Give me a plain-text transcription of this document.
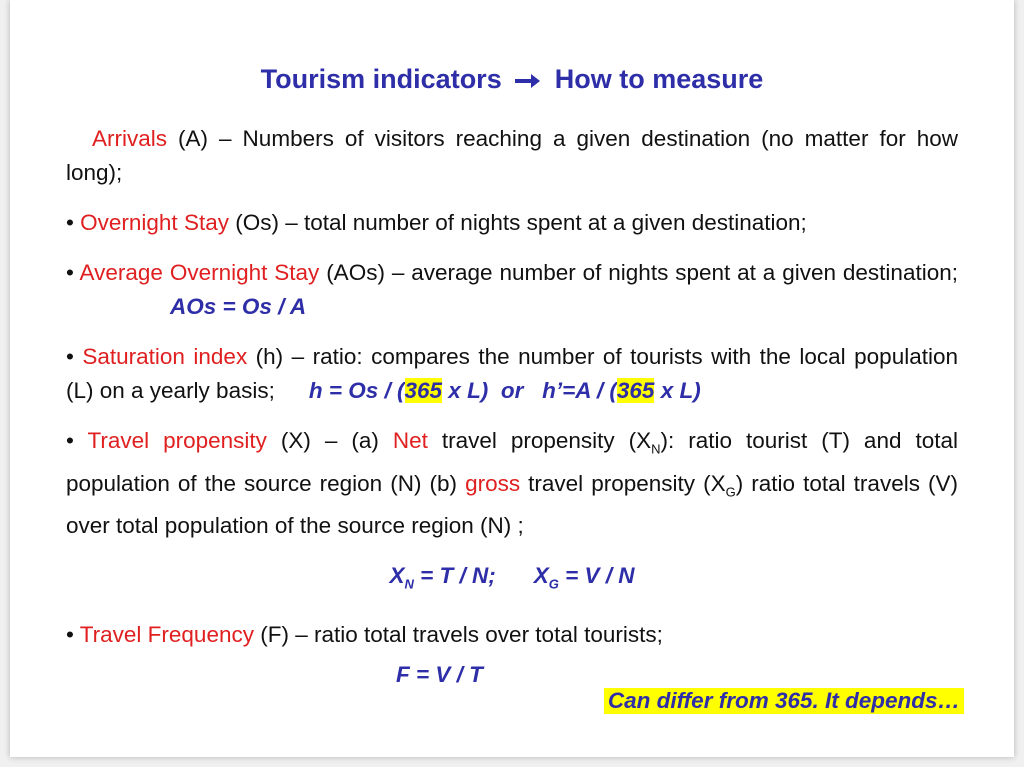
Tourism indicators How to measure

Arrivals (A) – Numbers of visitors reaching a given destination (no matter for how long);

• Overnight Stay (Os) – total number of nights spent at a given destination;

• Average Overnight Stay (AOs) – average number of nights spent at a given destination;AOs = Os / A

• Saturation index (h) – ratio: compares the number of tourists with the local population (L) on a yearly basis; h = Os / (365 x L) or h’=A / (365 x L)

• Travel propensity (X) – (a) Net travel propensity $(X_N)$: ratio tourist (T) and total population of the source region (N) (b) gross travel propensity $(X_G)$ ratio total travels (V) over total population of the source region (N) ;

$X_N = T / N$; $X_G = V / N$

• Travel Frequency (F) – ratio total travels over total tourists;

F = V / T

Can differ from 365. It depends…
